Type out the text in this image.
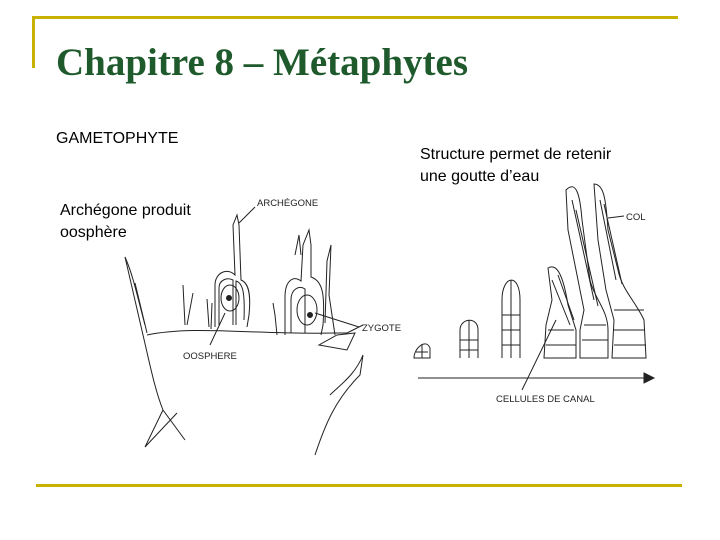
Chapitre 8 – Métaphytes
GAMETOPHYTE
Structure permet de retenir
une goutte d’eau
ARCHÉGONE
OOSPHERE
ZYGOTE
COL
CELLULES DE CANAL
Archégone produit
oosphère
